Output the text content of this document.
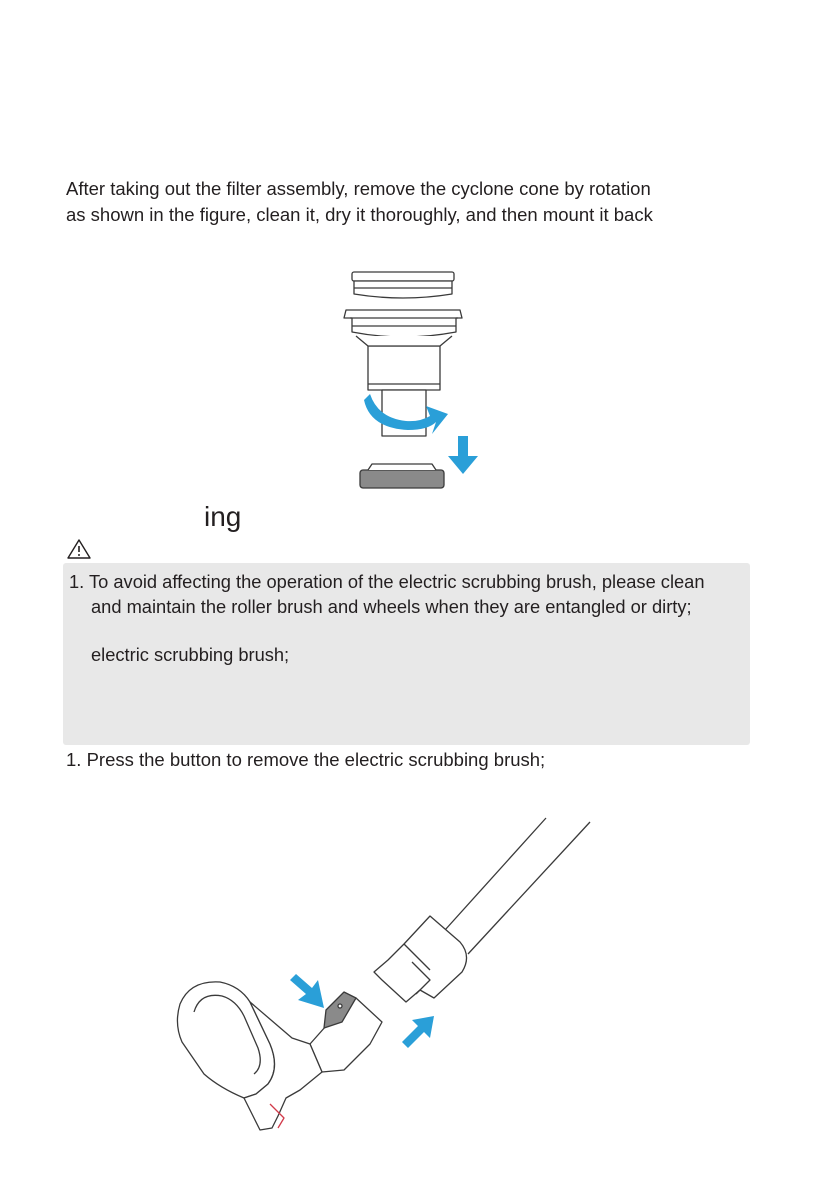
After taking out the filter assembly, remove the cyclone cone by rotation

as shown in the figure, clean it, dry it thoroughly, and then mount it back

ing
1. To avoid affecting the operation of the electric scrubbing brush, please clean
and maintain the roller brush and wheels when they are entangled or dirty;
electric scrubbing brush;
1. Press the button to remove the electric scrubbing brush;
